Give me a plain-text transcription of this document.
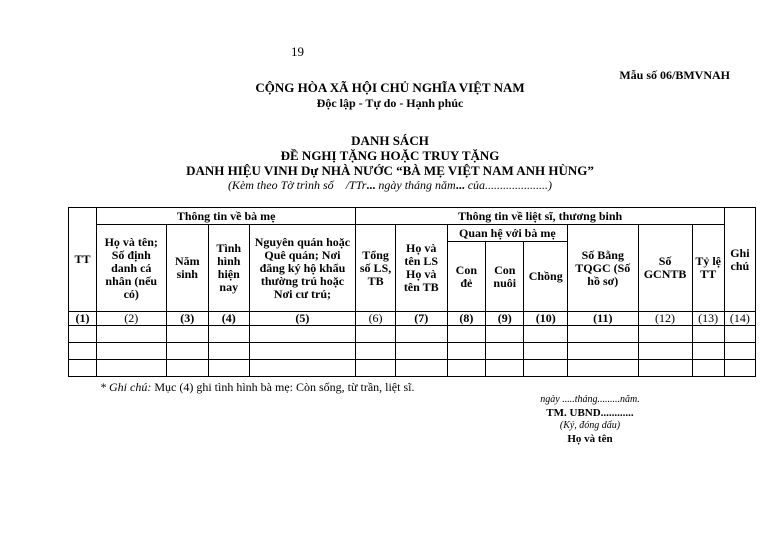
19
Mẫu số 06/BMVNAH
CỘNG HÒA XÃ HỘI CHỦ NGHĨA VIỆT NAM
Độc lập - Tự do - Hạnh phúc
DANH SÁCH
ĐỀ NGHỊ TẶNG HOẶC TRUY TẶNG
DANH HIỆU VINH Dự NHÀ NƯỚC “BÀ MẸ VIỆT NAM ANH HÙNG”
(Kèm theo Tờ trình số /TTr... ngày tháng năm... của.....................)
TT	Thông tin về bà mẹ				Thông tin về liệt sĩ, thương binh								Ghi chú
	Họ và tên; Số định danh cá nhân (nếu có)	Năm sinh	Tình hình hiện nay	Nguyên quán hoặc Quê quán; Nơi đăng ký hộ khẩu thường trú hoặc Nơi cư trú;	Tổng số LS, TB	Họ và tên LS Họ và tên TB	Quan hệ với bà mẹ			Số Bằng TQGC (Số hồ sơ)	Số GCNTB	Tỷ lệ TT	
							Con đẻ	Con nuôi	Chồng				
(1)	(2)	(3)	(4)	(5)	(6)	(7)	(8)	(9)	(10)	(11)	(12)	(13)	(14)

* Ghi chú: Mục (4) ghi tình hình bà mẹ: Còn sống, từ trần, liệt sĩ.
ngày .....tháng.........năm.
TM. UBND............
(Ký, đóng dấu)
Họ và tên
